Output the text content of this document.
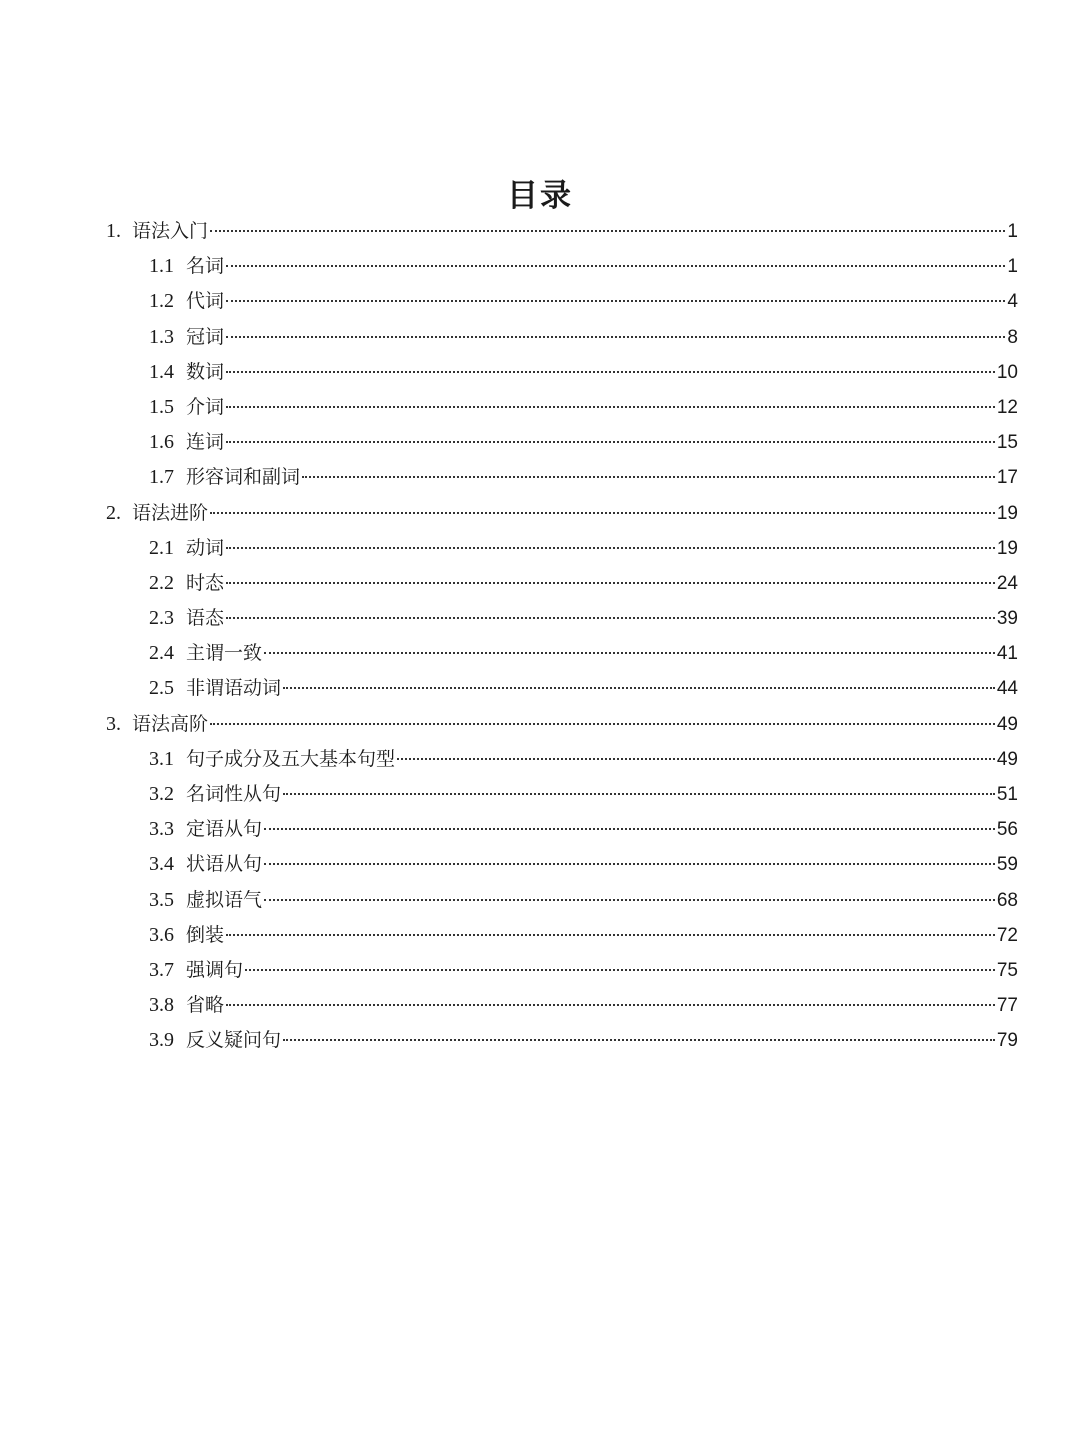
目录
1. 语法入门	1
1.1 名词	1
1.2 代词	4
1.3 冠词	8
1.4 数词	10
1.5 介词	12
1.6 连词	15
1.7 形容词和副词	17
2. 语法进阶	19
2.1 动词	19
2.2 时态	24
2.3 语态	39
2.4 主谓一致	41
2.5 非谓语动词	44
3. 语法高阶	49
3.1 句子成分及五大基本句型	49
3.2 名词性从句	51
3.3 定语从句	56
3.4 状语从句	59
3.5 虚拟语气	68
3.6 倒装	72
3.7 强调句	75
3.8 省略	77
3.9 反义疑问句	79
